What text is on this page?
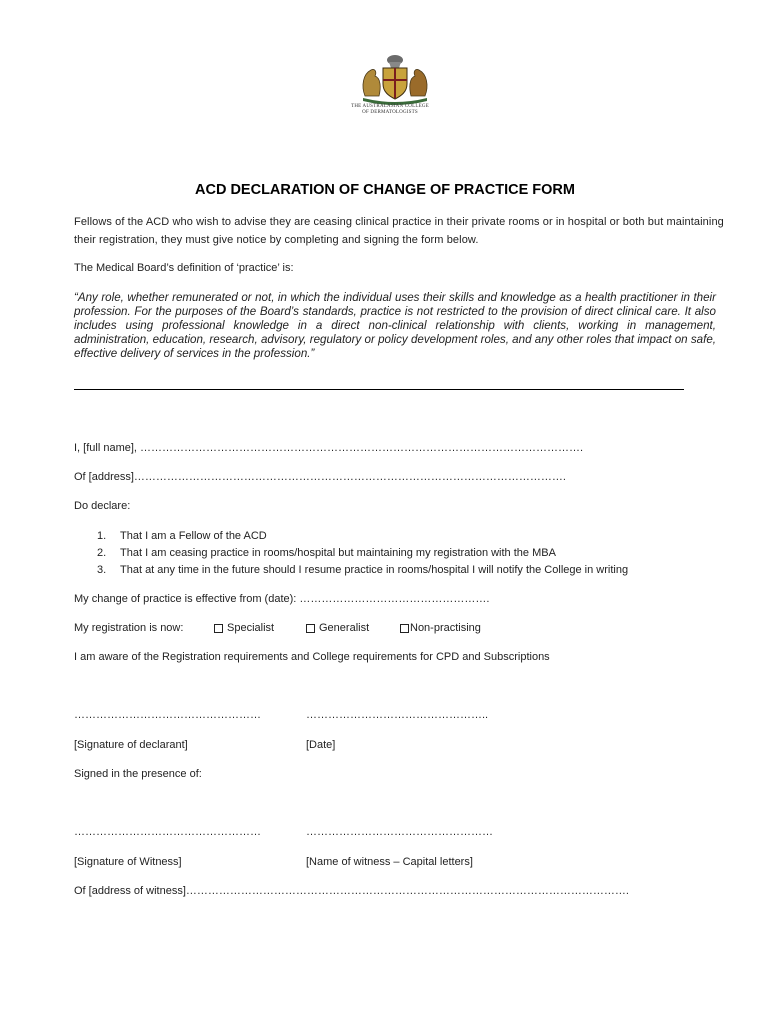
THE AUSTRALASIAN COLLEGE
OF DERMATOLOGISTS
ACD DECLARATION OF CHANGE OF PRACTICE FORM
Fellows of the ACD who wish to advise they are ceasing clinical practice in their private rooms or in hospital or both but maintaining their registration, they must give notice by completing and signing the form below.
The Medical Board’s definition of ‘practice’ is:
“Any role, whether remunerated or not, in which the individual uses their skills and knowledge as a health practitioner in their profession. For the purposes of the Board’s standards, practice is not restricted to the provision of direct clinical care. It also includes using professional knowledge in a direct non-clinical relationship with clients, working in management, administration, education, research, advisory, regulatory or policy development roles, and any other roles that impact on safe, effective delivery of services in the profession.”
I, [full name], ………………………………………………………………………………………………………….
Of [address]……………………………………………………………………………………………………….
Do declare:
1. That I am a Fellow of the ACD
2. That I am ceasing practice in rooms/hospital but maintaining my registration with the MBA
3. That at any time in the future should I resume practice in rooms/hospital I will notify the College in writing
My change of practice is effective from (date): …………………………………………….
My registration is now:	Specialist	Generalist	Non-practising
I am aware of the Registration requirements and College requirements for CPD and Subscriptions
……………………………………………	…………………………………………..
[Signature of declarant]	[Date]
Signed in the presence of:
……………………………………………	……………………………………………
[Signature of Witness]	[Name of witness – Capital letters]
Of [address of witness]………………………………………………………………………………………………………….
